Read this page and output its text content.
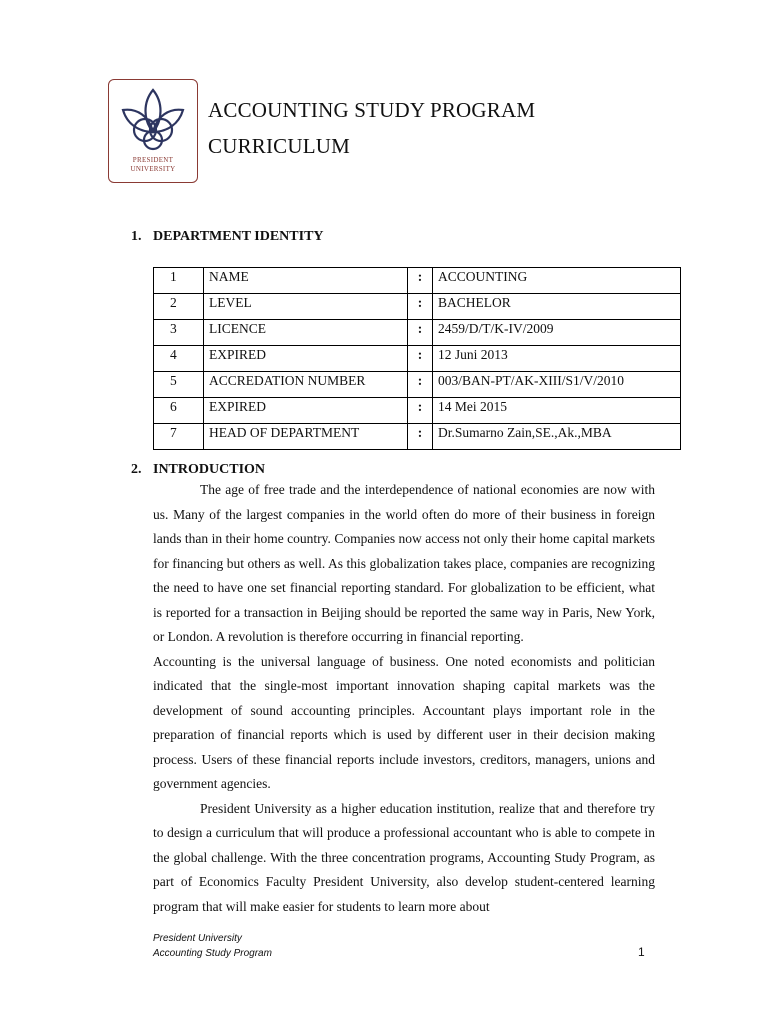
PRESIDENT
UNIVERSITY
ACCOUNTING STUDY PROGRAM
CURRICULUM
1. DEPARTMENT IDENTITY
1	NAME	:	ACCOUNTING
2	LEVEL	:	BACHELOR
3	LICENCE	:	2459/D/T/K-IV/2009
4	EXPIRED	:	12 Juni 2013
5	ACCREDATION NUMBER	:	003/BAN-PT/AK-XIII/S1/V/2010
6	EXPIRED	:	14 Mei 2015
7	HEAD OF DEPARTMENT	:	Dr.Sumarno Zain,SE.,Ak.,MBA
2. INTRODUCTION

The age of free trade and the interdependence of national economies are now with us. Many of the largest companies in the world often do more of their business in foreign lands than in their home country. Companies now access not only their home capital markets for financing but others as well. As this globalization takes place, companies are recognizing the need to have one set financial reporting standard. For globalization to be efficient, what is reported for a transaction in Beijing should be reported the same way in Paris, New York, or London. A revolution is therefore occurring in financial reporting.

Accounting is the universal language of business. One noted economists and politician indicated that the single-most important innovation shaping capital markets was the development of sound accounting principles. Accountant plays important role in the preparation of financial reports which is used by different user in their decision making process. Users of these financial reports include investors, creditors, managers, unions and government agencies.

President University as a higher education institution, realize that and therefore try to design a curriculum that will produce a professional accountant who is able to compete in the global challenge. With the three concentration programs, Accounting Study Program, as part of Economics Faculty President University, also develop student-centered learning program that will make easier for students to learn more about

President University
Accounting Study Program	1
